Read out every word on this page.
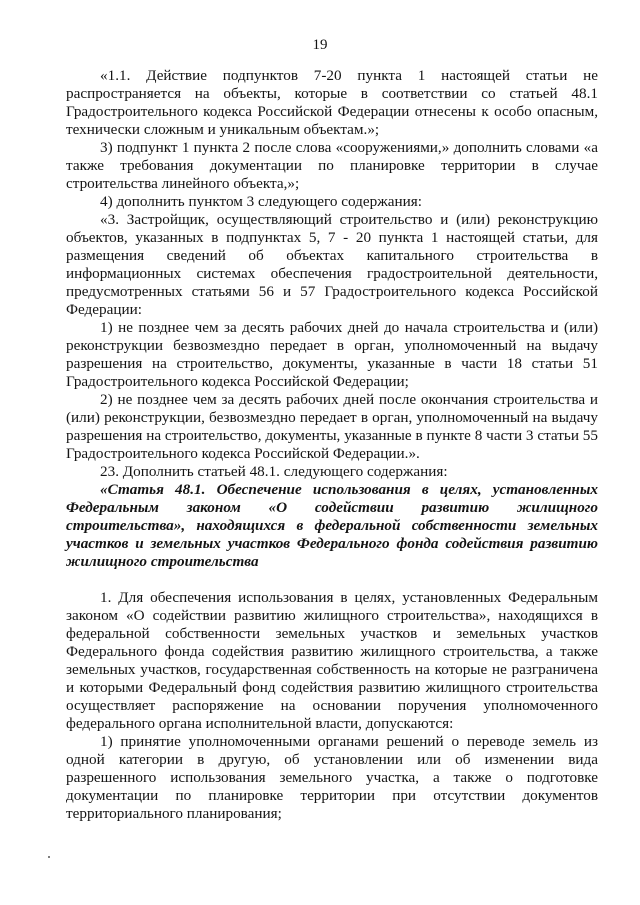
19

«1.1. Действие подпунктов 7-20 пункта 1 настоящей статьи не распространяется на объекты, которые в соответствии со статьей 48.1 Градостроительного кодекса Российской Федерации отнесены к особо опасным, технически сложным и уникальным объектам.»;

3) подпункт 1 пункта 2 после слова «сооружениями,» дополнить словами «а также требования документации по планировке территории в случае строительства линейного объекта,»;

4) дополнить пунктом 3 следующего содержания:

«3. Застройщик, осуществляющий строительство и (или) реконструкцию объектов, указанных в подпунктах 5, 7 - 20 пункта 1 настоящей статьи, для размещения сведений об объектах капитального строительства в информационных системах обеспечения градостроительной деятельности, предусмотренных статьями 56 и 57 Градостроительного кодекса Российской Федерации:

1) не позднее чем за десять рабочих дней до начала строительства и (или) реконструкции безвозмездно передает в орган, уполномоченный на выдачу разрешения на строительство, документы, указанные в части 18 статьи 51 Градостроительного кодекса Российской Федерации;

2) не позднее чем за десять рабочих дней после окончания строительства и (или) реконструкции, безвозмездно передает в орган, уполномоченный на выдачу разрешения на строительство, документы, указанные в пункте 8 части 3 статьи 55 Градостроительного кодекса Российской Федерации.».

23. Дополнить статьей 48.1. следующего содержания:

«Статья 48.1. Обеспечение использования в целях, установленных Федеральным законом «О содействии развитию жилищного строительства», находящихся в федеральной собственности земельных участков и земельных участков Федерального фонда содействия развитию жилищного строительства

1. Для обеспечения использования в целях, установленных Федеральным законом «О содействии развитию жилищного строительства», находящихся в федеральной собственности земельных участков и земельных участков Федерального фонда содействия развитию жилищного строительства, а также земельных участков, государственная собственность на которые не разграничена и которыми Федеральный фонд содействия развитию жилищного строительства осуществляет распоряжение на основании поручения уполномоченного федерального органа исполнительной власти, допускаются:

1) принятие уполномоченными органами решений о переводе земель из одной категории в другую, об установлении или об изменении вида разрешенного использования земельного участка, а также о подготовке документации по планировке территории при отсутствии документов территориального планирования;
